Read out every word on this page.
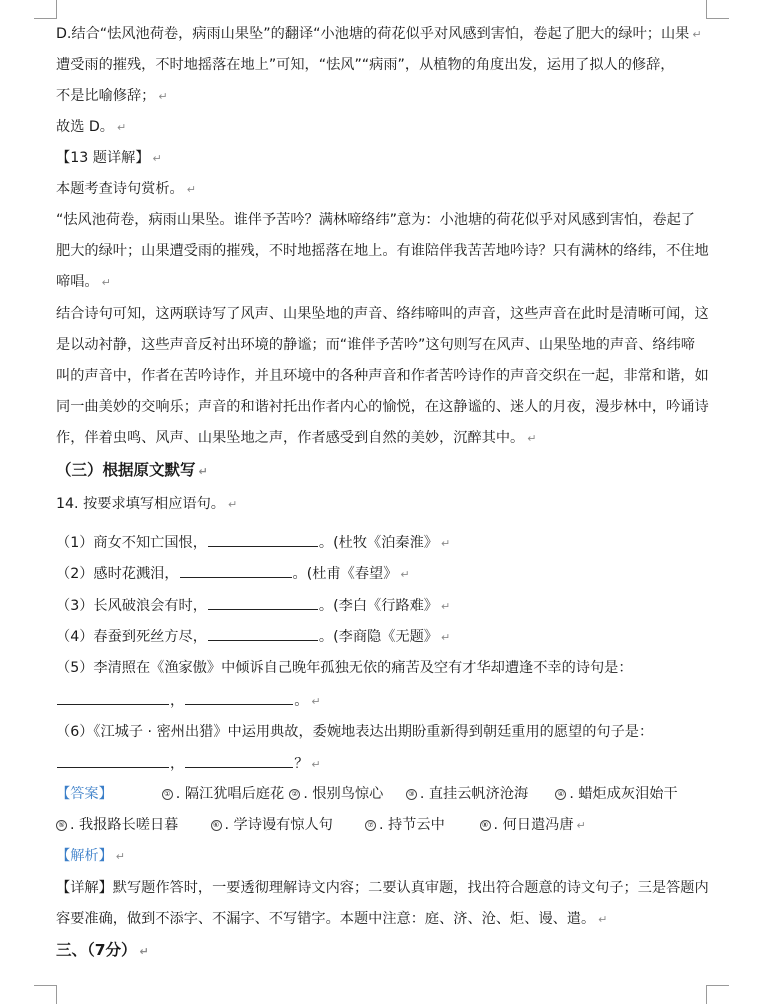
D.结合“怯风池荷卷，病雨山果坠”的翻译“小池塘的荷花似乎对风感到害怕，卷起了肥大的绿叶；山果 ↵
遭受雨的摧残，不时地摇落在地上”可知，“怯风”“病雨”，从植物的角度出发，运用了拟人的修辞，
不是比喻修辞； ↵
故选 D。 ↵
【13 题详解】 ↵
本题考查诗句赏析。 ↵
“怯风池荷卷，病雨山果坠。谁伴予苦吟？满林啼络纬”意为：小池塘的荷花似乎对风感到害怕，卷起了
肥大的绿叶；山果遭受雨的摧残，不时地摇落在地上。有谁陪伴我苦苦地吟诗？只有满林的络纬，不住地
啼唱。 ↵
结合诗句可知，这两联诗写了风声、山果坠地的声音、络纬啼叫的声音，这些声音在此时是清晰可闻，这
是以动衬静，这些声音反衬出环境的静谧；而“谁伴予苦吟”这句则写在风声、山果坠地的声音、络纬啼
叫的声音中，作者在苦吟诗作，并且环境中的各种声音和作者苦吟诗作的声音交织在一起，非常和谐，如
同一曲美妙的交响乐；声音的和谐衬托出作者内心的愉悦，在这静谧的、迷人的月夜，漫步林中，吟诵诗
作，伴着虫鸣、风声、山果坠地之声，作者感受到自然的美妙，沉醉其中。 ↵
（三）根据原文默写 ↵
14. 按要求填写相应语句。 ↵
（1）商女不知亡国恨，	。(杜牧《泊秦淮》 ↵
（2）感时花溅泪，	。(杜甫《春望》 ↵
（3）长风破浪会有时，	。(李白《行路难》 ↵
（4）春蚕到死丝方尽，	。(李商隐《无题》 ↵
（5）李清照在《渔家傲》中倾诉自己晚年孤独无依的痛苦及空有才华却遭逢不幸的诗句是：
，	。 ↵
（6）《江城子 · 密州出猎》中运用典故，委婉地表达出期盼重新得到朝廷重用的愿望的句子是：
，	？ ↵
【答案】	① . 隔江犹唱后庭花 ② . 恨别鸟惊心	③ . 直挂云帆济沧海	④ . 蜡炬成灰泪始干
⑤ . 我报路长嗟日暮	⑥ . 学诗谩有惊人句	⑦ . 持节云中	⑧ . 何日遣冯唐 ↵
【解析】 ↵
【详解】默写题作答时，一要透彻理解诗文内容；二要认真审题，找出符合题意的诗文句子；三是答题内
容要准确，做到不添字、不漏字、不写错字。本题中注意：庭、济、沧、炬、谩、遣。 ↵
三、（7分） ↵
